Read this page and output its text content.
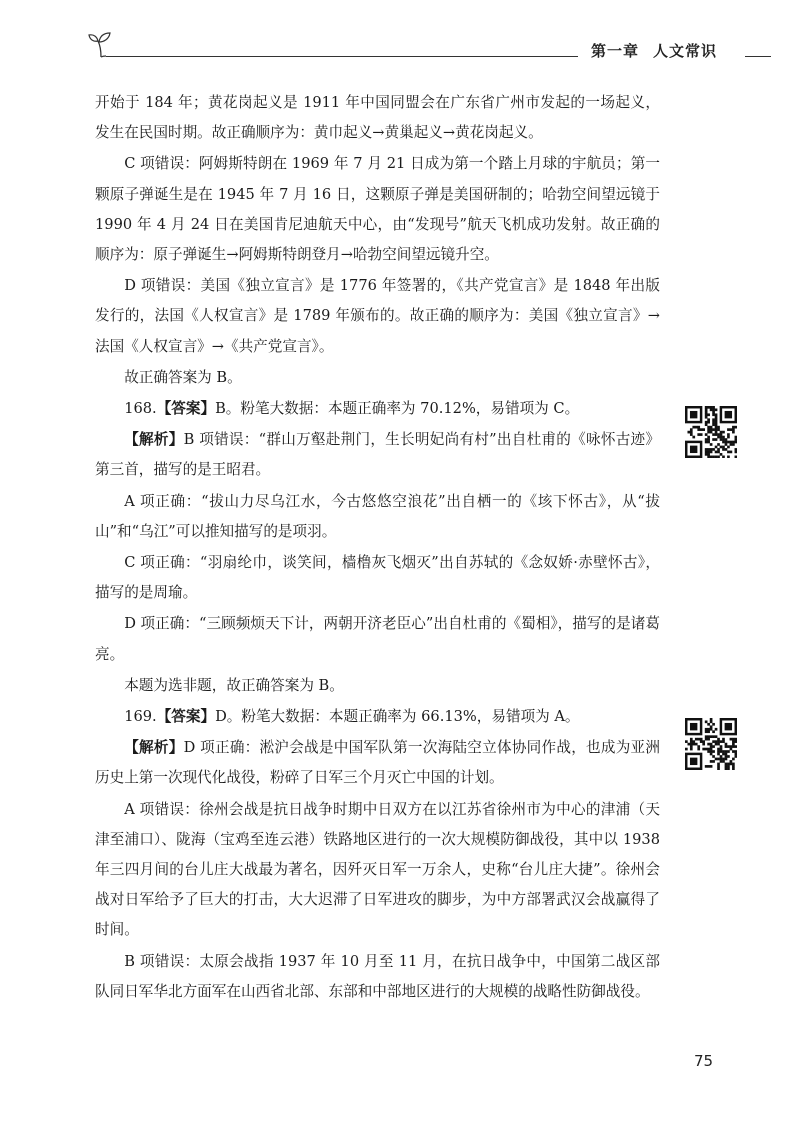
第一章 人文常识

开始于 184 年；黄花岗起义是 1911 年中国同盟会在广东省广州市发起的一场起义，发生在民国时期。故正确顺序为：黄巾起义→黄巢起义→黄花岗起义。

C 项错误：阿姆斯特朗在 1969 年 7 月 21 日成为第一个踏上月球的宇航员；第一颗原子弹诞生是在 1945 年 7 月 16 日，这颗原子弹是美国研制的；哈勃空间望远镜于 1990 年 4 月 24 日在美国肯尼迪航天中心，由“发现号”航天飞机成功发射。故正确的顺序为：原子弹诞生→阿姆斯特朗登月→哈勃空间望远镜升空。

D 项错误：美国《独立宣言》是 1776 年签署的，《共产党宣言》是 1848 年出版发行的，法国《人权宣言》是 1789 年颁布的。故正确的顺序为：美国《独立宣言》→法国《人权宣言》→《共产党宣言》。

故正确答案为 B。

168.【答案】B。粉笔大数据：本题正确率为 70.12%，易错项为 C。

【解析】B 项错误：“群山万壑赴荆门，生长明妃尚有村”出自杜甫的《咏怀古迹》第三首，描写的是王昭君。

A 项正确：“拔山力尽乌江水，今古悠悠空浪花”出自栖一的《垓下怀古》，从“拔山”和“乌江”可以推知描写的是项羽。

C 项正确：“羽扇纶巾，谈笑间，樯橹灰飞烟灭”出自苏轼的《念奴娇·赤壁怀古》，描写的是周瑜。

D 项正确：“三顾频烦天下计，两朝开济老臣心”出自杜甫的《蜀相》，描写的是诸葛亮。

本题为选非题，故正确答案为 B。

169.【答案】D。粉笔大数据：本题正确率为 66.13%，易错项为 A。

【解析】D 项正确：淞沪会战是中国军队第一次海陆空立体协同作战，也成为亚洲历史上第一次现代化战役，粉碎了日军三个月灭亡中国的计划。

A 项错误：徐州会战是抗日战争时期中日双方在以江苏省徐州市为中心的津浦（天津至浦口）、陇海（宝鸡至连云港）铁路地区进行的一次大规模防御战役，其中以 1938 年三四月间的台儿庄大战最为著名，因歼灭日军一万余人，史称“台儿庄大捷”。徐州会战对日军给予了巨大的打击，大大迟滞了日军进攻的脚步，为中方部署武汉会战赢得了时间。

B 项错误：太原会战指 1937 年 10 月至 11 月，在抗日战争中，中国第二战区部队同日军华北方面军在山西省北部、东部和中部地区进行的大规模的战略性防御战役。

75
